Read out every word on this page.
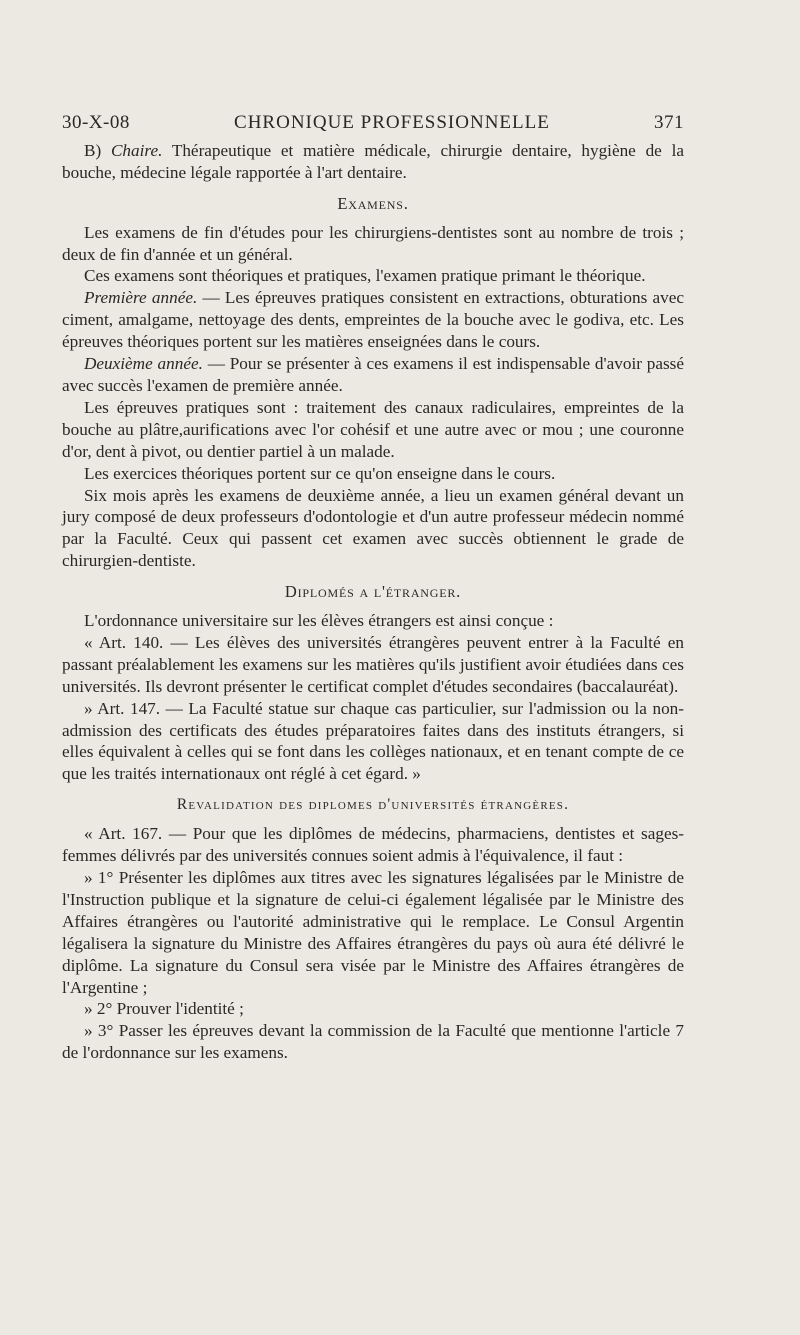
30-X-08	CHRONIQUE PROFESSIONNELLE	371

B) Chaire. Thérapeutique et matière médicale, chirurgie dentaire, hygiène de la bouche, médecine légale rapportée à l'art dentaire.

Examens.

Les examens de fin d'études pour les chirurgiens-dentistes sont au nombre de trois ; deux de fin d'année et un général.

Ces examens sont théoriques et pratiques, l'examen pratique primant le théorique.

Première année. — Les épreuves pratiques consistent en extractions, obturations avec ciment, amalgame, nettoyage des dents, empreintes de la bouche avec le godiva, etc. Les épreuves théoriques portent sur les matières enseignées dans le cours.

Deuxième année. — Pour se présenter à ces examens il est indispensable d'avoir passé avec succès l'examen de première année.

Les épreuves pratiques sont : traitement des canaux radiculaires, empreintes de la bouche au plâtre,aurifications avec l'or cohésif et une autre avec or mou ; une couronne d'or, dent à pivot, ou dentier partiel à un malade.

Les exercices théoriques portent sur ce qu'on enseigne dans le cours.

Six mois après les examens de deuxième année, a lieu un examen général devant un jury composé de deux professeurs d'odontologie et d'un autre professeur médecin nommé par la Faculté. Ceux qui passent cet examen avec succès obtiennent le grade de chirurgien-dentiste.

Diplomés a l'étranger.

L'ordonnance universitaire sur les élèves étrangers est ainsi conçue :

« Art. 140. — Les élèves des universités étrangères peuvent entrer à la Faculté en passant préalablement les examens sur les matières qu'ils justifient avoir étudiées dans ces universités. Ils devront présenter le certificat complet d'études secondaires (baccalauréat).

» Art. 147. — La Faculté statue sur chaque cas particulier, sur l'admission ou la non-admission des certificats des études préparatoires faites dans des instituts étrangers, si elles équivalent à celles qui se font dans les collèges nationaux, et en tenant compte de ce que les traités internationaux ont réglé à cet égard. »

Revalidation des diplomes d'universités étrangères.

« Art. 167. — Pour que les diplômes de médecins, pharmaciens, dentistes et sages-femmes délivrés par des universités connues soient admis à l'équivalence, il faut :

» 1° Présenter les diplômes aux titres avec les signatures légalisées par le Ministre de l'Instruction publique et la signature de celui-ci également légalisée par le Ministre des Affaires étrangères ou l'autorité administrative qui le remplace. Le Consul Argentin légalisera la signature du Ministre des Affaires étrangères du pays où aura été délivré le diplôme. La signature du Consul sera visée par le Ministre des Affaires étrangères de l'Argentine ;

» 2° Prouver l'identité ;

» 3° Passer les épreuves devant la commission de la Faculté que mentionne l'article 7 de l'ordonnance sur les examens.
